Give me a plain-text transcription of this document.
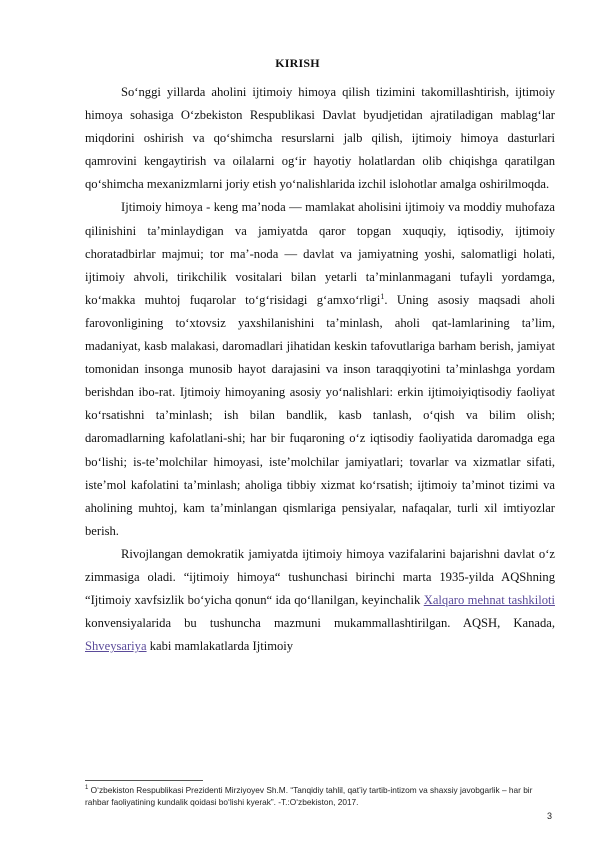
KIRISH

So‘nggi yillarda aholini ijtimoiy himoya qilish tizimini takomillashtirish, ijtimoiy himoya sohasiga O‘zbekiston Respublikasi Davlat byudjetidan ajratiladigan mablag‘lar miqdorini oshirish va qo‘shimcha resurslarni jalb qilish, ijtimoiy himoya dasturlari qamrovini kengaytirish va oilalarni og‘ir hayotiy holatlardan olib chiqishga qaratilgan qo‘shimcha mexanizmlarni joriy etish yo‘nalishlarida izchil islohotlar amalga oshirilmoqda.

Ijtimoiy himoya - keng maʼnoda — mamlakat aholisini ijtimoiy va moddiy muhofaza qilinishini taʼminlaydigan va jamiyatda qaror topgan xuquqiy, iqtisodiy, ijtimoiy choratadbirlar majmui; tor maʼ-noda — davlat va jamiyatning yoshi, salomatligi holati, ijtimoiy ahvoli, tirikchilik vositalari bilan yetarli taʼminlanmagani tufayli yordamga, koʻmakka muhtoj fuqarolar toʻgʻrisidagi gʻamxoʻrligi$^1$. Uning asosiy maqsadi aholi farovonligining toʻxtovsiz yaxshilanishini taʼminlash, aholi qat-lamlarining taʼlim, madaniyat, kasb malakasi, daromadlari jihatidan keskin tafovutlariga barham berish, jamiyat tomonidan insonga munosib hayot darajasini va inson taraqqiyotini taʼminlashga yordam berishdan ibo-rat. Ijtimoiy himoyaning asosiy yoʻnalishlari: erkin ijtimoiyiqtisodiy faoliyat koʻrsatishni taʼminlash; ish bilan bandlik, kasb tanlash, oʻqish va bilim olish; daromadlarning kafolatlani-shi; har bir fuqaroning oʻz iqtisodiy faoliyatida daromadga ega boʻlishi; is-teʼmolchilar himoyasi, isteʼmolchilar jamiyatlari; tovarlar va xizmatlar sifati, isteʼmol kafolatini taʼminlash; aholiga tibbiy xizmat koʻrsatish; ijtimoiy taʼminot tizimi va aholining muhtoj, kam taʼminlangan qismlariga pensiyalar, nafaqalar, turli xil imtiyozlar berish.

Rivojlangan demokratik jamiyatda ijtimoiy himoya vazifalarini bajarishni davlat oʻz zimmasiga oladi. “ijtimoiy himoya“ tushunchasi birinchi marta 1935-yilda AQShning “Ijtimoiy xavfsizlik boʻyicha qonun“ ida qoʻllanilgan, keyinchalik Xalqaro mehnat tashkiloti konvensiyalarida bu tushuncha mazmuni mukammallashtirilgan. AQSH, Kanada, Shveysariya kabi mamlakatlarda Ijtimoiy

$^1$ O‘zbekiston Respublikasi Prezidenti Mirziyoyev Sh.M. “Tanqidiy tahlil, qat’iy tartib-intizom va shaxsiy javobgarlik – har bir rahbar faoliyatining kundalik qoidasi bo‘lishi kyerak”. -T.:O‘zbekiston, 2017.
3
